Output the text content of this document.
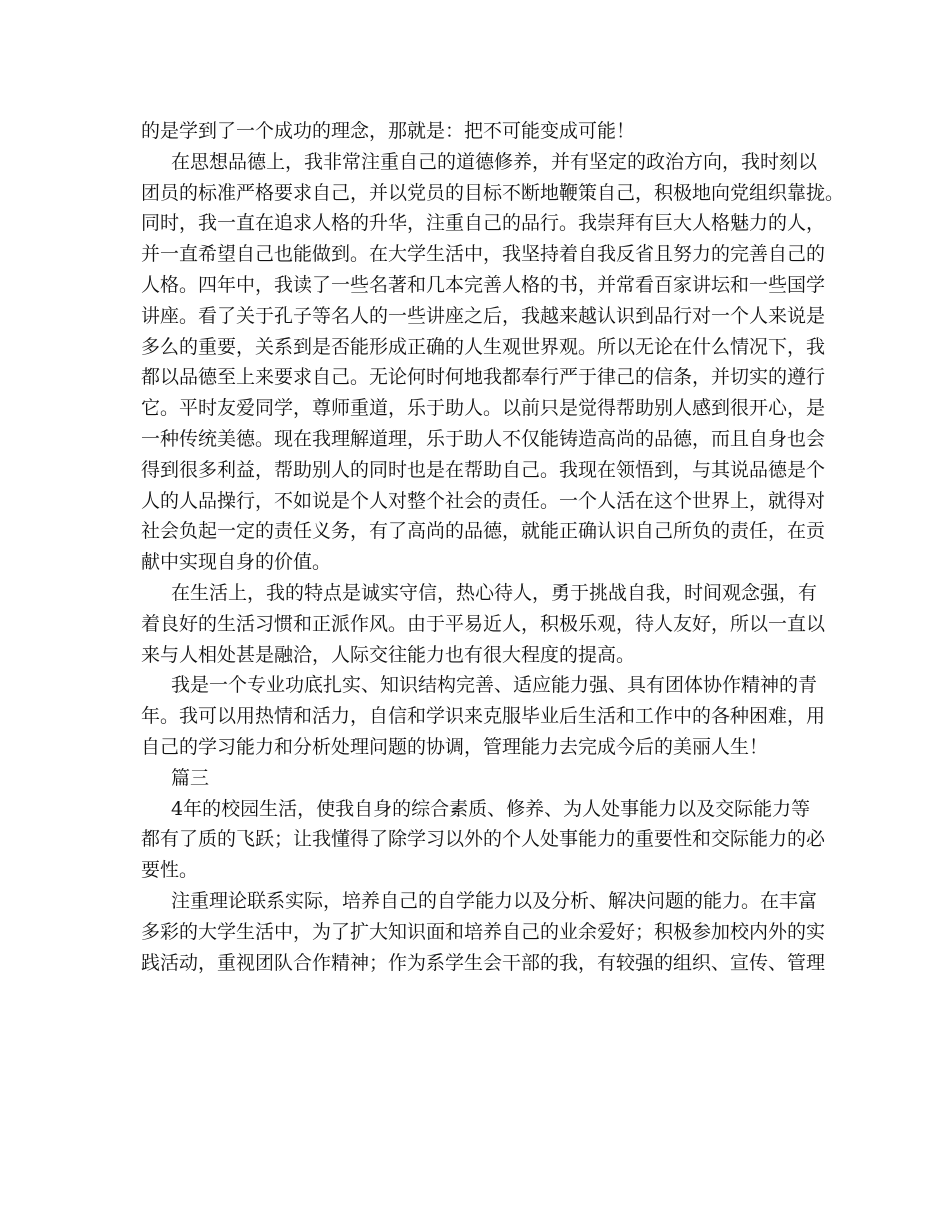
的是学到了一个成功的理念，那就是：把不可能变成可能！
在思想品德上，我非常注重自己的道德修养，并有坚定的政治方向，我时刻以
团员的标准严格要求自己，并以党员的目标不断地鞭策自己，积极地向党组织靠拢。
同时，我一直在追求人格的升华，注重自己的品行。我崇拜有巨大人格魅力的人，
并一直希望自己也能做到。在大学生活中，我坚持着自我反省且努力的完善自己的
人格。四年中，我读了一些名著和几本完善人格的书，并常看百家讲坛和一些国学
讲座。看了关于孔子等名人的一些讲座之后，我越来越认识到品行对一个人来说是
多么的重要，关系到是否能形成正确的人生观世界观。所以无论在什么情况下，我
都以品德至上来要求自己。无论何时何地我都奉行严于律己的信条，并切实的遵行
它。平时友爱同学，尊师重道，乐于助人。以前只是觉得帮助别人感到很开心，是
一种传统美德。现在我理解道理，乐于助人不仅能铸造高尚的品德，而且自身也会
得到很多利益，帮助别人的同时也是在帮助自己。我现在领悟到，与其说品德是个
人的人品操行，不如说是个人对整个社会的责任。一个人活在这个世界上，就得对
社会负起一定的责任义务，有了高尚的品德，就能正确认识自己所负的责任，在贡
献中实现自身的价值。
在生活上，我的特点是诚实守信，热心待人，勇于挑战自我，时间观念强，有
着良好的生活习惯和正派作风。由于平易近人，积极乐观，待人友好，所以一直以
来与人相处甚是融洽，人际交往能力也有很大程度的提高。
我是一个专业功底扎实、知识结构完善、适应能力强、具有团体协作精神的青
年。我可以用热情和活力，自信和学识来克服毕业后生活和工作中的各种困难，用
自己的学习能力和分析处理问题的协调，管理能力去完成今后的美丽人生！
篇三
4年的校园生活，使我自身的综合素质、修养、为人处事能力以及交际能力等
都有了质的飞跃；让我懂得了除学习以外的个人处事能力的重要性和交际能力的必
要性。
注重理论联系实际，培养自己的自学能力以及分析、解决问题的能力。在丰富
多彩的大学生活中，为了扩大知识面和培养自己的业余爱好；积极参加校内外的实
践活动，重视团队合作精神；作为系学生会干部的我，有较强的组织、宣传、管理
